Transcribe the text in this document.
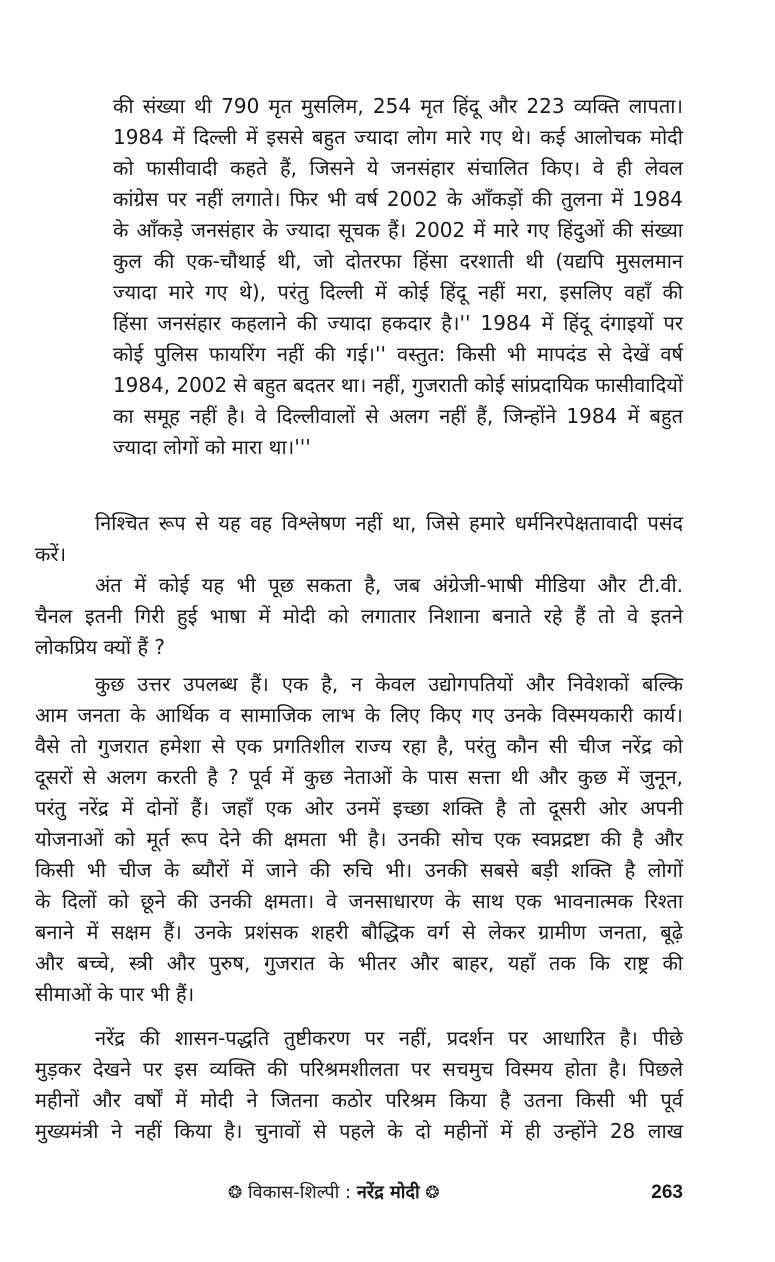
की संख्या थी 790 मृत मुसलिम, 254 मृत हिंदू और 223 व्यक्ति लापता।
1984 में दिल्ली में इससे बहुत ज्यादा लोग मारे गए थे। कई आलोचक मोदी
को फासीवादी कहते हैं, जिसने ये जनसंहार संचालित किए। वे ही लेवल
कांग्रेस पर नहीं लगाते। फिर भी वर्ष 2002 के आँकड़ों की तुलना में 1984
के आँकड़े जनसंहार के ज्यादा सूचक हैं। 2002 में मारे गए हिंदुओं की संख्या
कुल की एक-चौथाई थी, जो दोतरफा हिंसा दरशाती थी (यद्यपि मुसलमान
ज्यादा मारे गए थे), परंतु दिल्ली में कोई हिंदू नहीं मरा, इसलिए वहाँ की
हिंसा जनसंहार कहलाने की ज्यादा हकदार है।'' 1984 में हिंदू दंगाइयों पर
कोई पुलिस फायरिंग नहीं की गई।'' वस्तुत: किसी भी मापदंड से देखें वर्ष
1984, 2002 से बहुत बदतर था। नहीं, गुजराती कोई सांप्रदायिक फासीवादियों
का समूह नहीं है। वे दिल्लीवालों से अलग नहीं हैं, जिन्होंने 1984 में बहुत
ज्यादा लोगों को मारा था।'''
निश्चित रूप से यह वह विश्लेषण नहीं था, जिसे हमारे धर्मनिरपेक्षतावादी पसंद
करें।
अंत में कोई यह भी पूछ सकता है, जब अंग्रेजी-भाषी मीडिया और टी.वी.
चैनल इतनी गिरी हुई भाषा में मोदी को लगातार निशाना बनाते रहे हैं तो वे इतने
लोकप्रिय क्यों हैं ?
कुछ उत्तर उपलब्ध हैं। एक है, न केवल उद्योगपतियों और निवेशकों बल्कि
आम जनता के आर्थिक व सामाजिक लाभ के लिए किए गए उनके विस्मयकारी कार्य।
वैसे तो गुजरात हमेशा से एक प्रगतिशील राज्य रहा है, परंतु कौन सी चीज नरेंद्र को
दूसरों से अलग करती है ? पूर्व में कुछ नेताओं के पास सत्ता थी और कुछ में जुनून,
परंतु नरेंद्र में दोनों हैं। जहाँ एक ओर उनमें इच्छा शक्ति है तो दूसरी ओर अपनी
योजनाओं को मूर्त रूप देने की क्षमता भी है। उनकी सोच एक स्वप्नद्रष्टा की है और
किसी भी चीज के ब्यौरों में जाने की रुचि भी। उनकी सबसे बड़ी शक्ति है लोगों
के दिलों को छूने की उनकी क्षमता। वे जनसाधारण के साथ एक भावनात्मक रिश्ता
बनाने में सक्षम हैं। उनके प्रशंसक शहरी बौद्धिक वर्ग से लेकर ग्रामीण जनता, बूढ़े
और बच्चे, स्त्री और पुरुष, गुजरात के भीतर और बाहर, यहाँ तक कि राष्ट्र की
सीमाओं के पार भी हैं।
नरेंद्र की शासन-पद्धति तुष्टीकरण पर नहीं, प्रदर्शन पर आधारित है। पीछे
मुड़कर देखने पर इस व्यक्ति की परिश्रमशीलता पर सचमुच विस्मय होता है। पिछले
महीनों और वर्षों में मोदी ने जितना कठोर परिश्रम किया है उतना किसी भी पूर्व
मुख्यमंत्री ने नहीं किया है। चुनावों से पहले के दो महीनों में ही उन्होंने 28 लाख
❂ विकास-शिल्पी : नरेंद्र मोदी ❂	263
